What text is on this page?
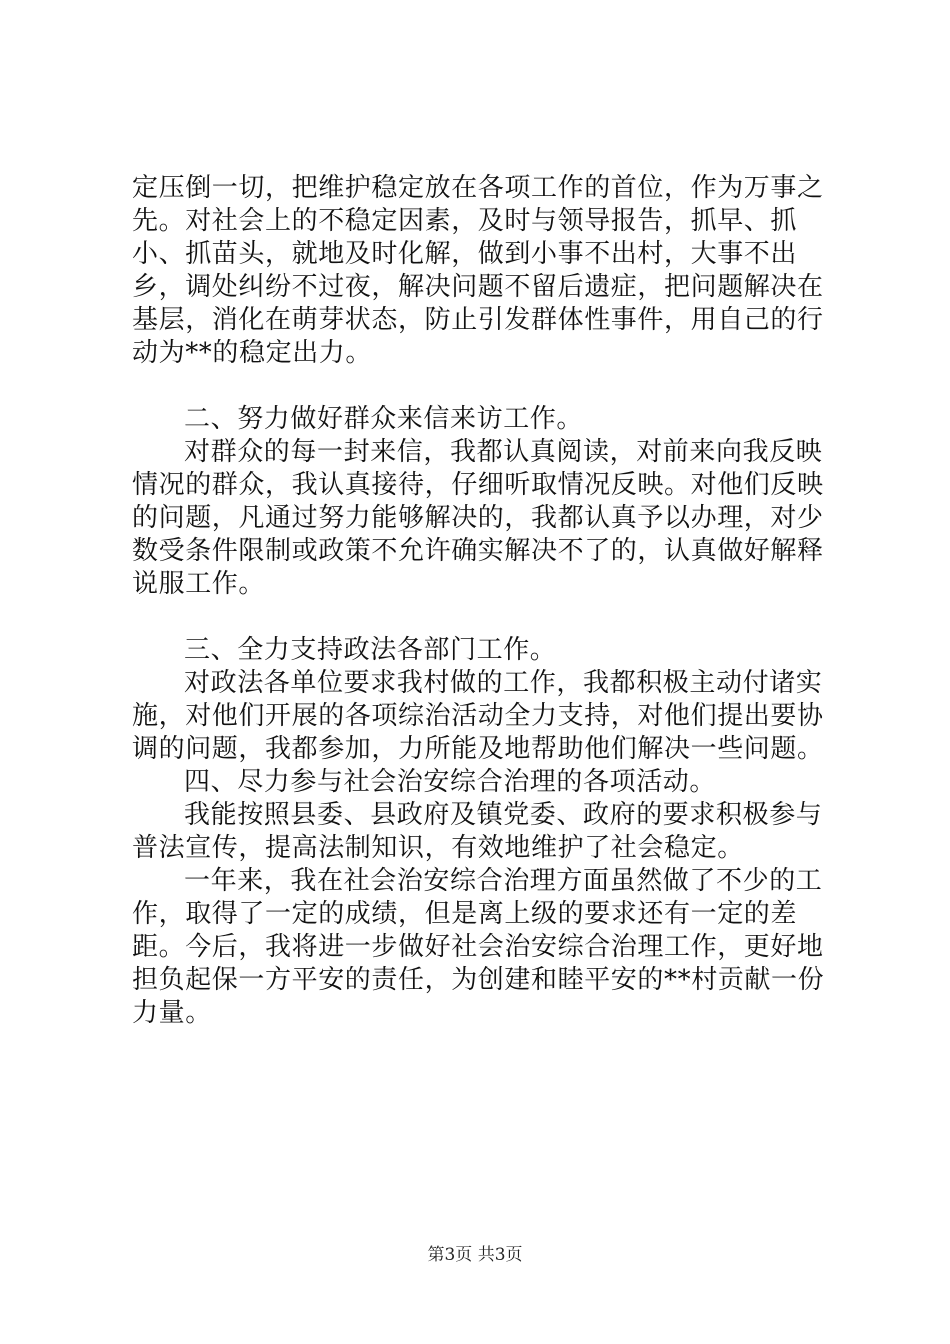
定压倒一切，把维护稳定放在各项工作的首位，作为万事之先。对社会上的不稳定因素，及时与领导报告，抓早、抓小、抓苗头，就地及时化解，做到小事不出村，大事不出乡，调处纠纷不过夜，解决问题不留后遗症，把问题解决在基层，消化在萌芽状态，防止引发群体性事件，用自己的行动为**的稳定出力。

二、努力做好群众来信来访工作。

对群众的每一封来信，我都认真阅读，对前来向我反映情况的群众，我认真接待，仔细听取情况反映。对他们反映的问题，凡通过努力能够解决的，我都认真予以办理，对少数受条件限制或政策不允许确实解决不了的，认真做好解释说服工作。

三、全力支持政法各部门工作。

对政法各单位要求我村做的工作，我都积极主动付诸实施，对他们开展的各项综治活动全力支持，对他们提出要协调的问题，我都参加，力所能及地帮助他们解决一些问题。

四、尽力参与社会治安综合治理的各项活动。

我能按照县委、县政府及镇党委、政府的要求积极参与普法宣传，提高法制知识，有效地维护了社会稳定。

一年来，我在社会治安综合治理方面虽然做了不少的工作，取得了一定的成绩，但是离上级的要求还有一定的差距。今后，我将进一步做好社会治安综合治理工作，更好地担负起保一方平安的责任，为创建和睦平安的**村贡献一份力量。

第3页 共3页
